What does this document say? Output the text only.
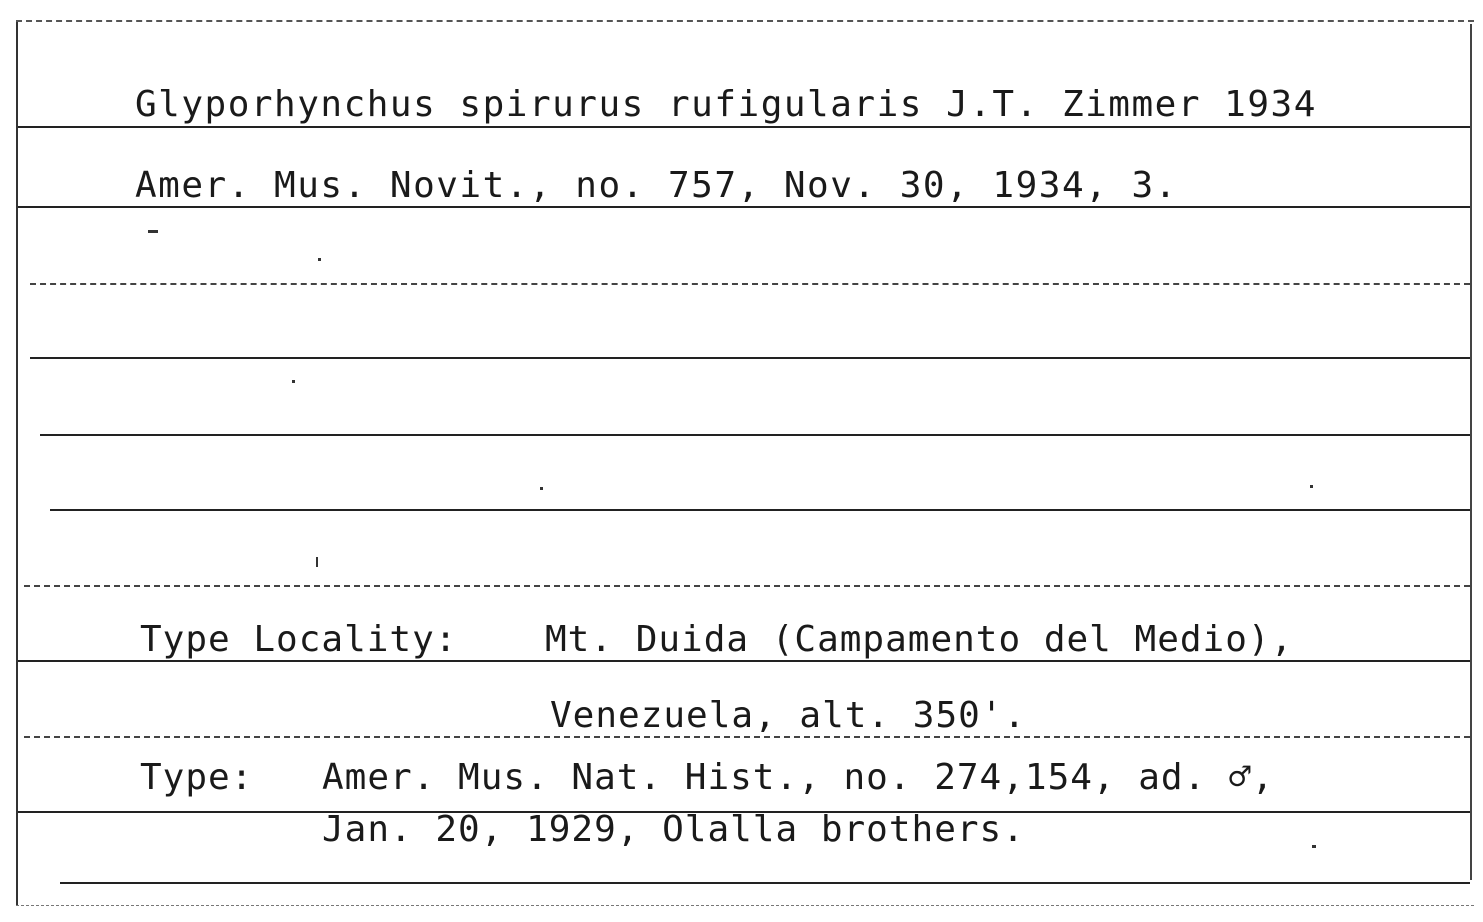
Glyporhynchus spirurus rufigularis J.T. Zimmer 1934
Amer. Mus. Novit., no. 757, Nov. 30, 1934, 3.
Type Locality: Mt. Duida (Campamento del Medio),
Venezuela, alt. 350'.
Type: Amer. Mus. Nat. Hist., no. 274,154, ad. ♂,
Jan. 20, 1929, Olalla brothers.
